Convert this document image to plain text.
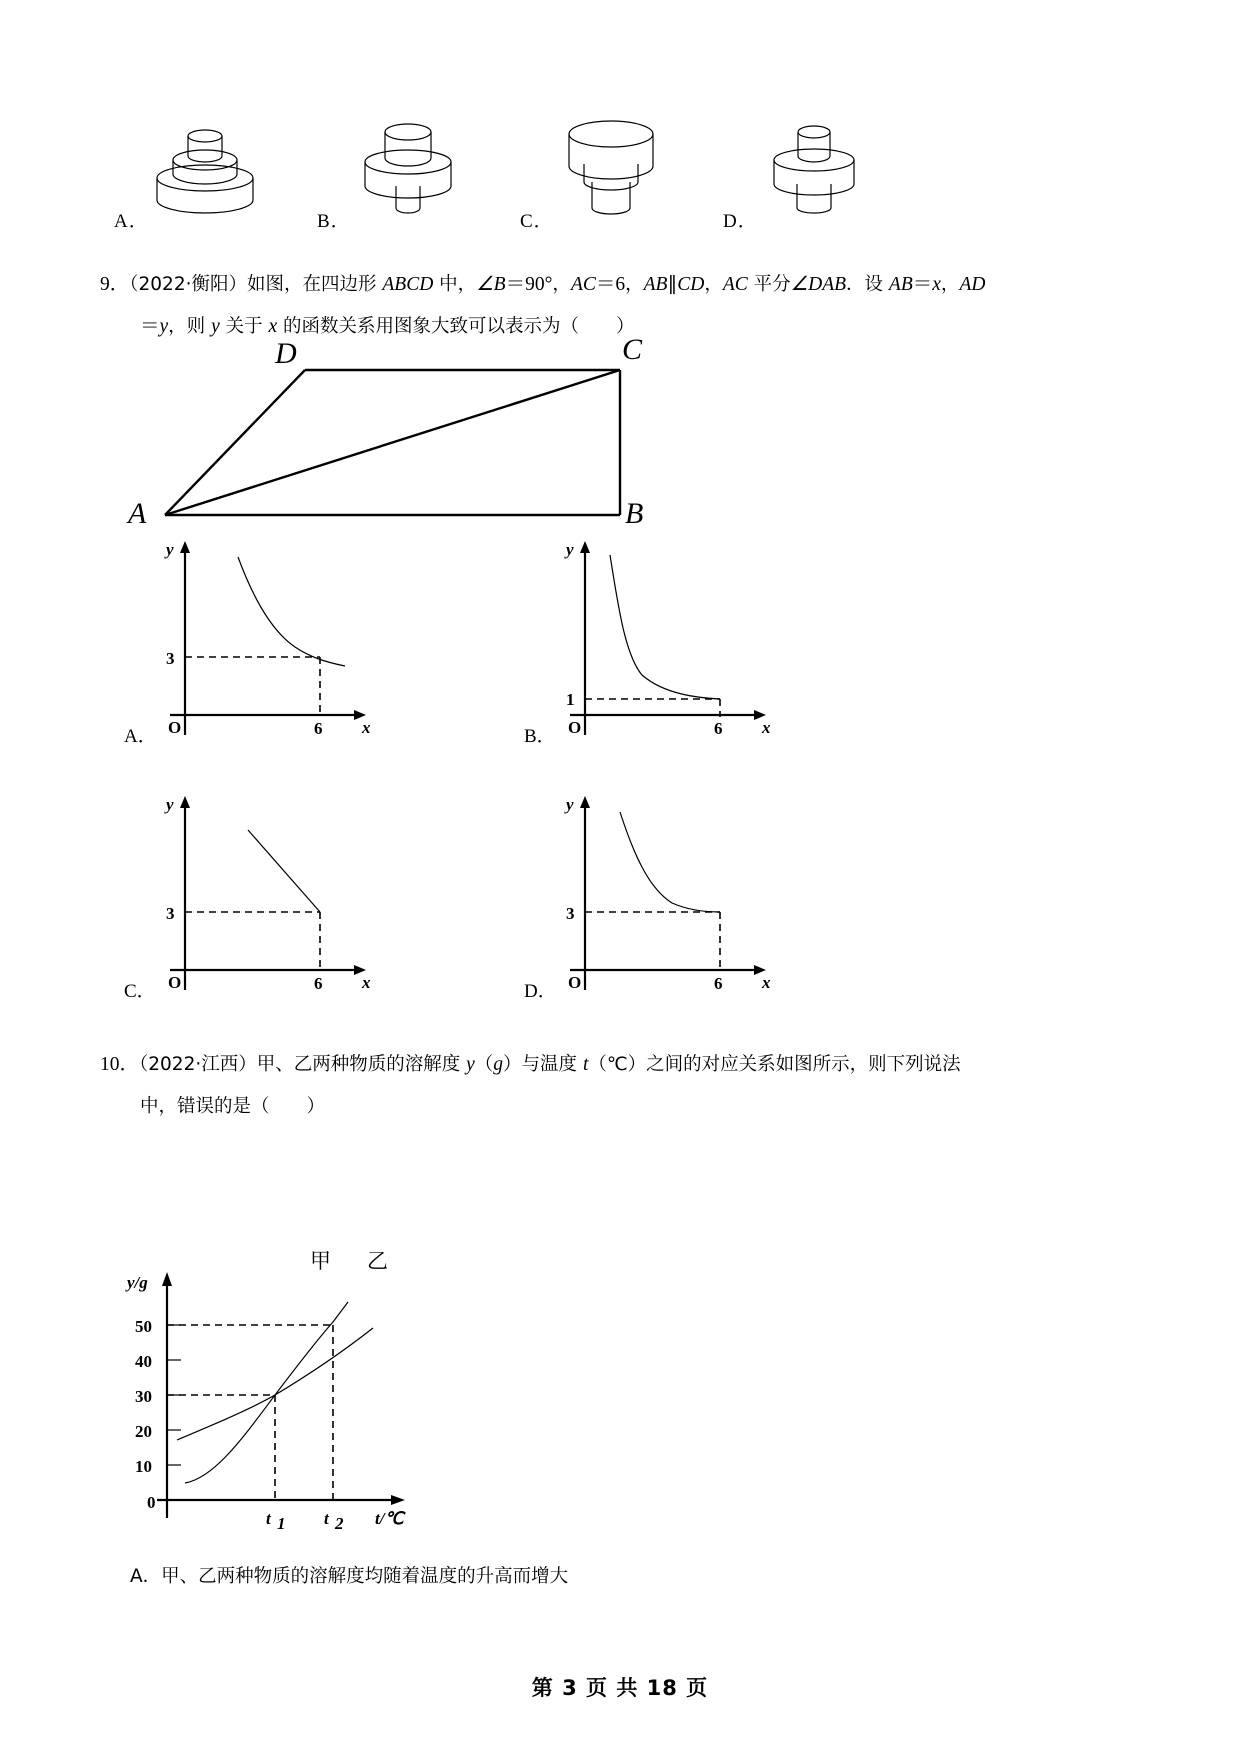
A．	B．	C．	D．
9．（2022·衡阳）如图，在四边形 ABCD 中，∠B＝90°，AC＝6，AB∥CD，AC 平分∠DAB．设 AB＝x，AD
＝y，则 y 关于 x 的函数关系用图象大致可以表示为（　　）
D	C
A	B
y
x
O
3
6
A．
y
x
O
1
6
B．
y
x
O
3
6
C．
y
x
O
3
6
D．
10．（2022·江西）甲、乙两种物质的溶解度 y（g）与温度 t（℃）之间的对应关系如图所示，则下列说法
中，错误的是（　　）
y/g
50
40
30
20
10
0
t 1 t 2 t/℃
甲 乙
A．甲、乙两种物质的溶解度均随着温度的升高而增大
第 3 页 共 18 页
